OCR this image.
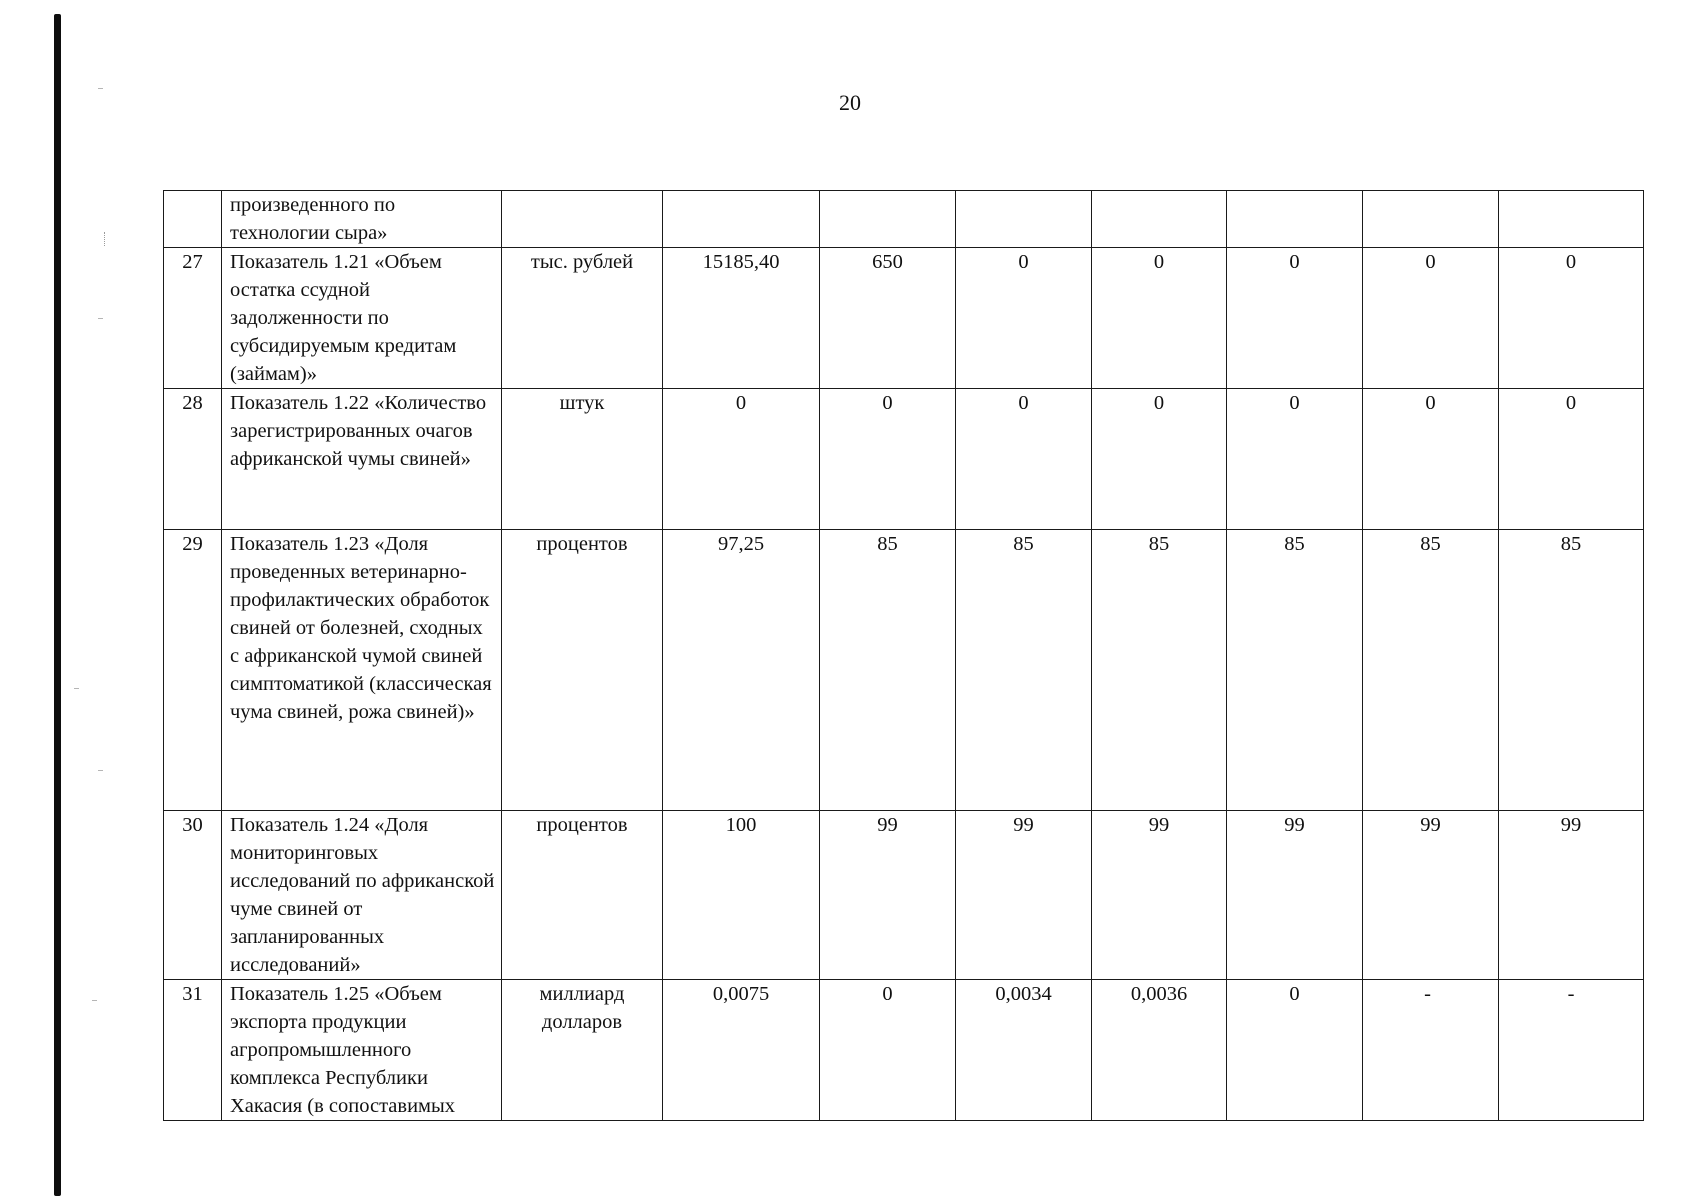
20
	произведенного по технологии сыра»								
27	Показатель 1.21 «Объем остатка ссудной задолженности по субсидируемым кредитам (займам)»	тыс. рублей	15185,40	650	0	0	0	0	0
28	Показатель 1.22 «Количество зарегистрированных очагов африканской чумы свиней»	штук	0	0	0	0	0	0	0
29	Показатель 1.23 «Доля проведенных ветеринарно-профилактических обработок свиней от болезней, сходных с африканской чумой свиней симптоматикой (классическая чума свиней, рожа свиней)»	процентов	97,25	85	85	85	85	85	85
30	Показатель 1.24 «Доля мониторинговых исследований по африканской чуме свиней от запланированных исследований»	процентов	100	99	99	99	99	99	99
31	Показатель 1.25 «Объем экспорта продукции агропромышленного комплекса Республики Хакасия (в сопоставимых	миллиард долларов	0,0075	0	0,0034	0,0036	0	-	-
